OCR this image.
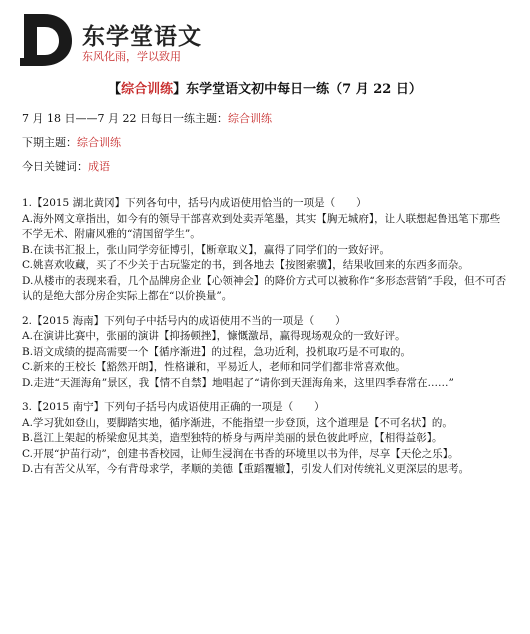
东学堂语文
东风化雨，学以致用
【综合训练】东学堂语文初中每日一练（7 月 22 日）
7 月 18 日——7 月 22 日每日一练主题：综合训练
下期主题：综合训练
今日关键词：成语

1.【2015 湖北黄冈】下列各句中，括号内成语使用恰当的一项是（　　）

A.海外网文章指出，如今有的领导干部喜欢到处卖弄笔墨，其实【胸无城府】，让人联想起鲁迅笔下那些不学无术、附庸风雅的“清国留学生”。

B.在读书汇报上，张山同学旁征博引，【断章取义】，赢得了同学们的一致好评。

C.姚喜欢收藏，买了不少关于古玩鉴定的书，到各地去【按图索骥】，结果收回来的东西多而杂。

D.从楼市的表现来看，几个品牌房企业【心领神会】的降价方式可以被称作“多形态营销”手段，但不可否认的是绝大部分房企实际上都在“以价换量”。

2.【2015 海南】下列句子中括号内的成语使用不当的一项是（　　）

A.在演讲比赛中，张丽的演讲【抑扬顿挫】，慷慨激昂，赢得现场观众的一致好评。

B.语文成绩的提高需要一个【循序渐进】的过程，急功近利，投机取巧是不可取的。

C.新来的王校长【豁然开朗】，性格谦和，平易近人，老师和同学们都非常喜欢他。

D.走进“天涯海角”景区，我【情不自禁】地唱起了“请你到天涯海角来，这里四季春常在……”

3.【2015 南宁】下列句子括号内成语使用正确的一项是（　　）

A.学习犹如登山，要脚踏实地，循序渐进，不能指望一步登顶，这个道理是【不可名状】的。

B.邕江上架起的桥梁愈见其美，造型独特的桥身与两岸美丽的景色彼此呼应，【相得益彰】。

C.开展“护苗行动”，创建书香校园，让师生浸润在书香的环境里以书为伴，尽享【天伦之乐】。

D.古有苦父从军，今有背母求学，孝顺的美德【重蹈覆辙】，引发人们对传统礼义更深层的思考。
